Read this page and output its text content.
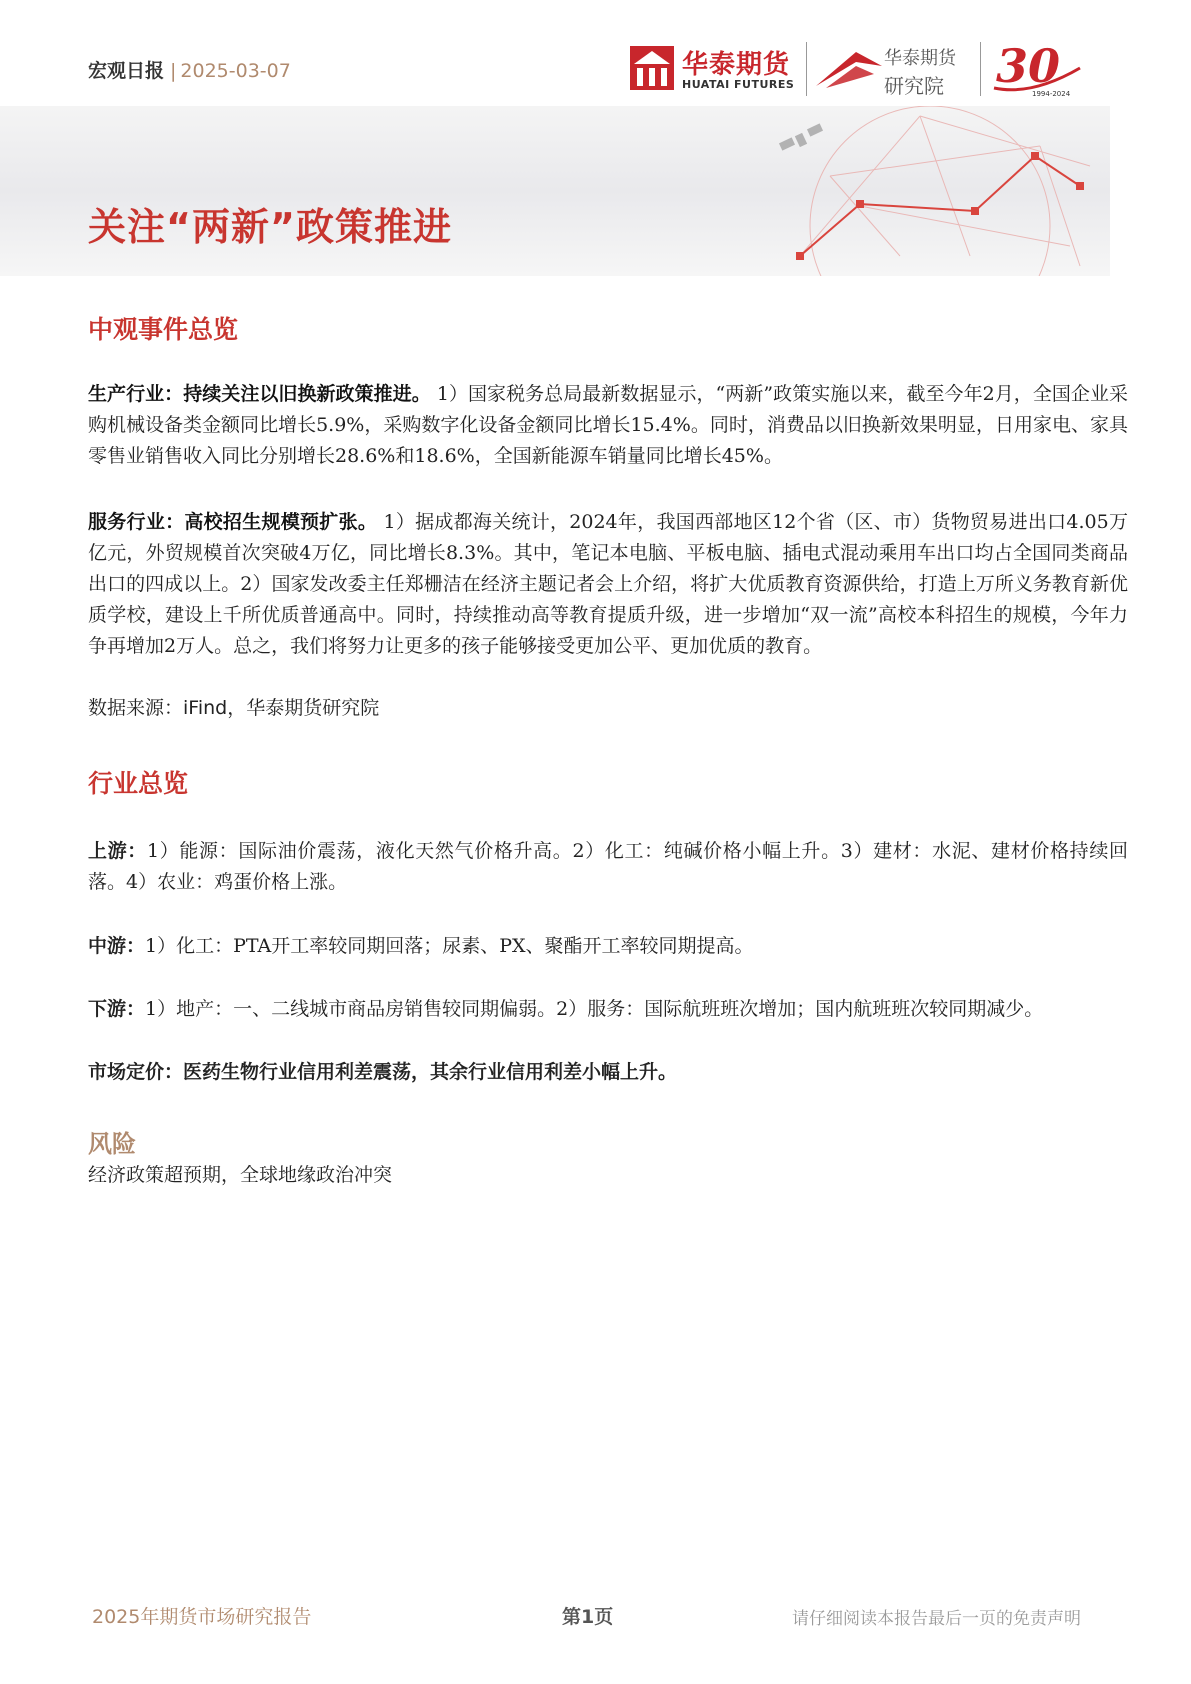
宏观日报 | 2025-03-07	华泰期货
HUATAI FUTURES
华泰期货
研究院 30
1994-2024
关注“两新”政策推进
中观事件总览
生产行业：持续关注以旧换新政策推进。 1）国家税务总局最新数据显示，“两新”政策实施以来，截至今年2月，全国企业采购机械设备类金额同比增长5.9%，采购数字化设备金额同比增长15.4%。同时，消费品以旧换新效果明显，日用家电、家具零售业销售收入同比分别增长28.6%和18.6%，全国新能源车销量同比增长45%。
服务行业：高校招生规模预扩张。 1）据成都海关统计，2024年，我国西部地区12个省（区、市）货物贸易进出口4.05万亿元，外贸规模首次突破4万亿，同比增长8.3%。其中，笔记本电脑、平板电脑、插电式混动乘用车出口均占全国同类商品出口的四成以上。2）国家发改委主任郑栅洁在经济主题记者会上介绍，将扩大优质教育资源供给，打造上万所义务教育新优质学校，建设上千所优质普通高中。同时，持续推动高等教育提质升级，进一步增加“双一流”高校本科招生的规模，今年力争再增加2万人。总之，我们将努力让更多的孩子能够接受更加公平、更加优质的教育。
数据来源：iFind，华泰期货研究院
行业总览
上游：1）能源：国际油价震荡，液化天然气价格升高。2）化工：纯碱价格小幅上升。3）建材：水泥、建材价格持续回落。4）农业：鸡蛋价格上涨。
中游：1）化工：PTA开工率较同期回落；尿素、PX、聚酯开工率较同期提高。
下游：1）地产：一、二线城市商品房销售较同期偏弱。2）服务：国际航班班次增加；国内航班班次较同期减少。
市场定价：医药生物行业信用利差震荡，其余行业信用利差小幅上升。
风险
经济政策超预期，全球地缘政治冲突
2025年期货市场研究报告	第1页	请仔细阅读本报告最后一页的免责声明
